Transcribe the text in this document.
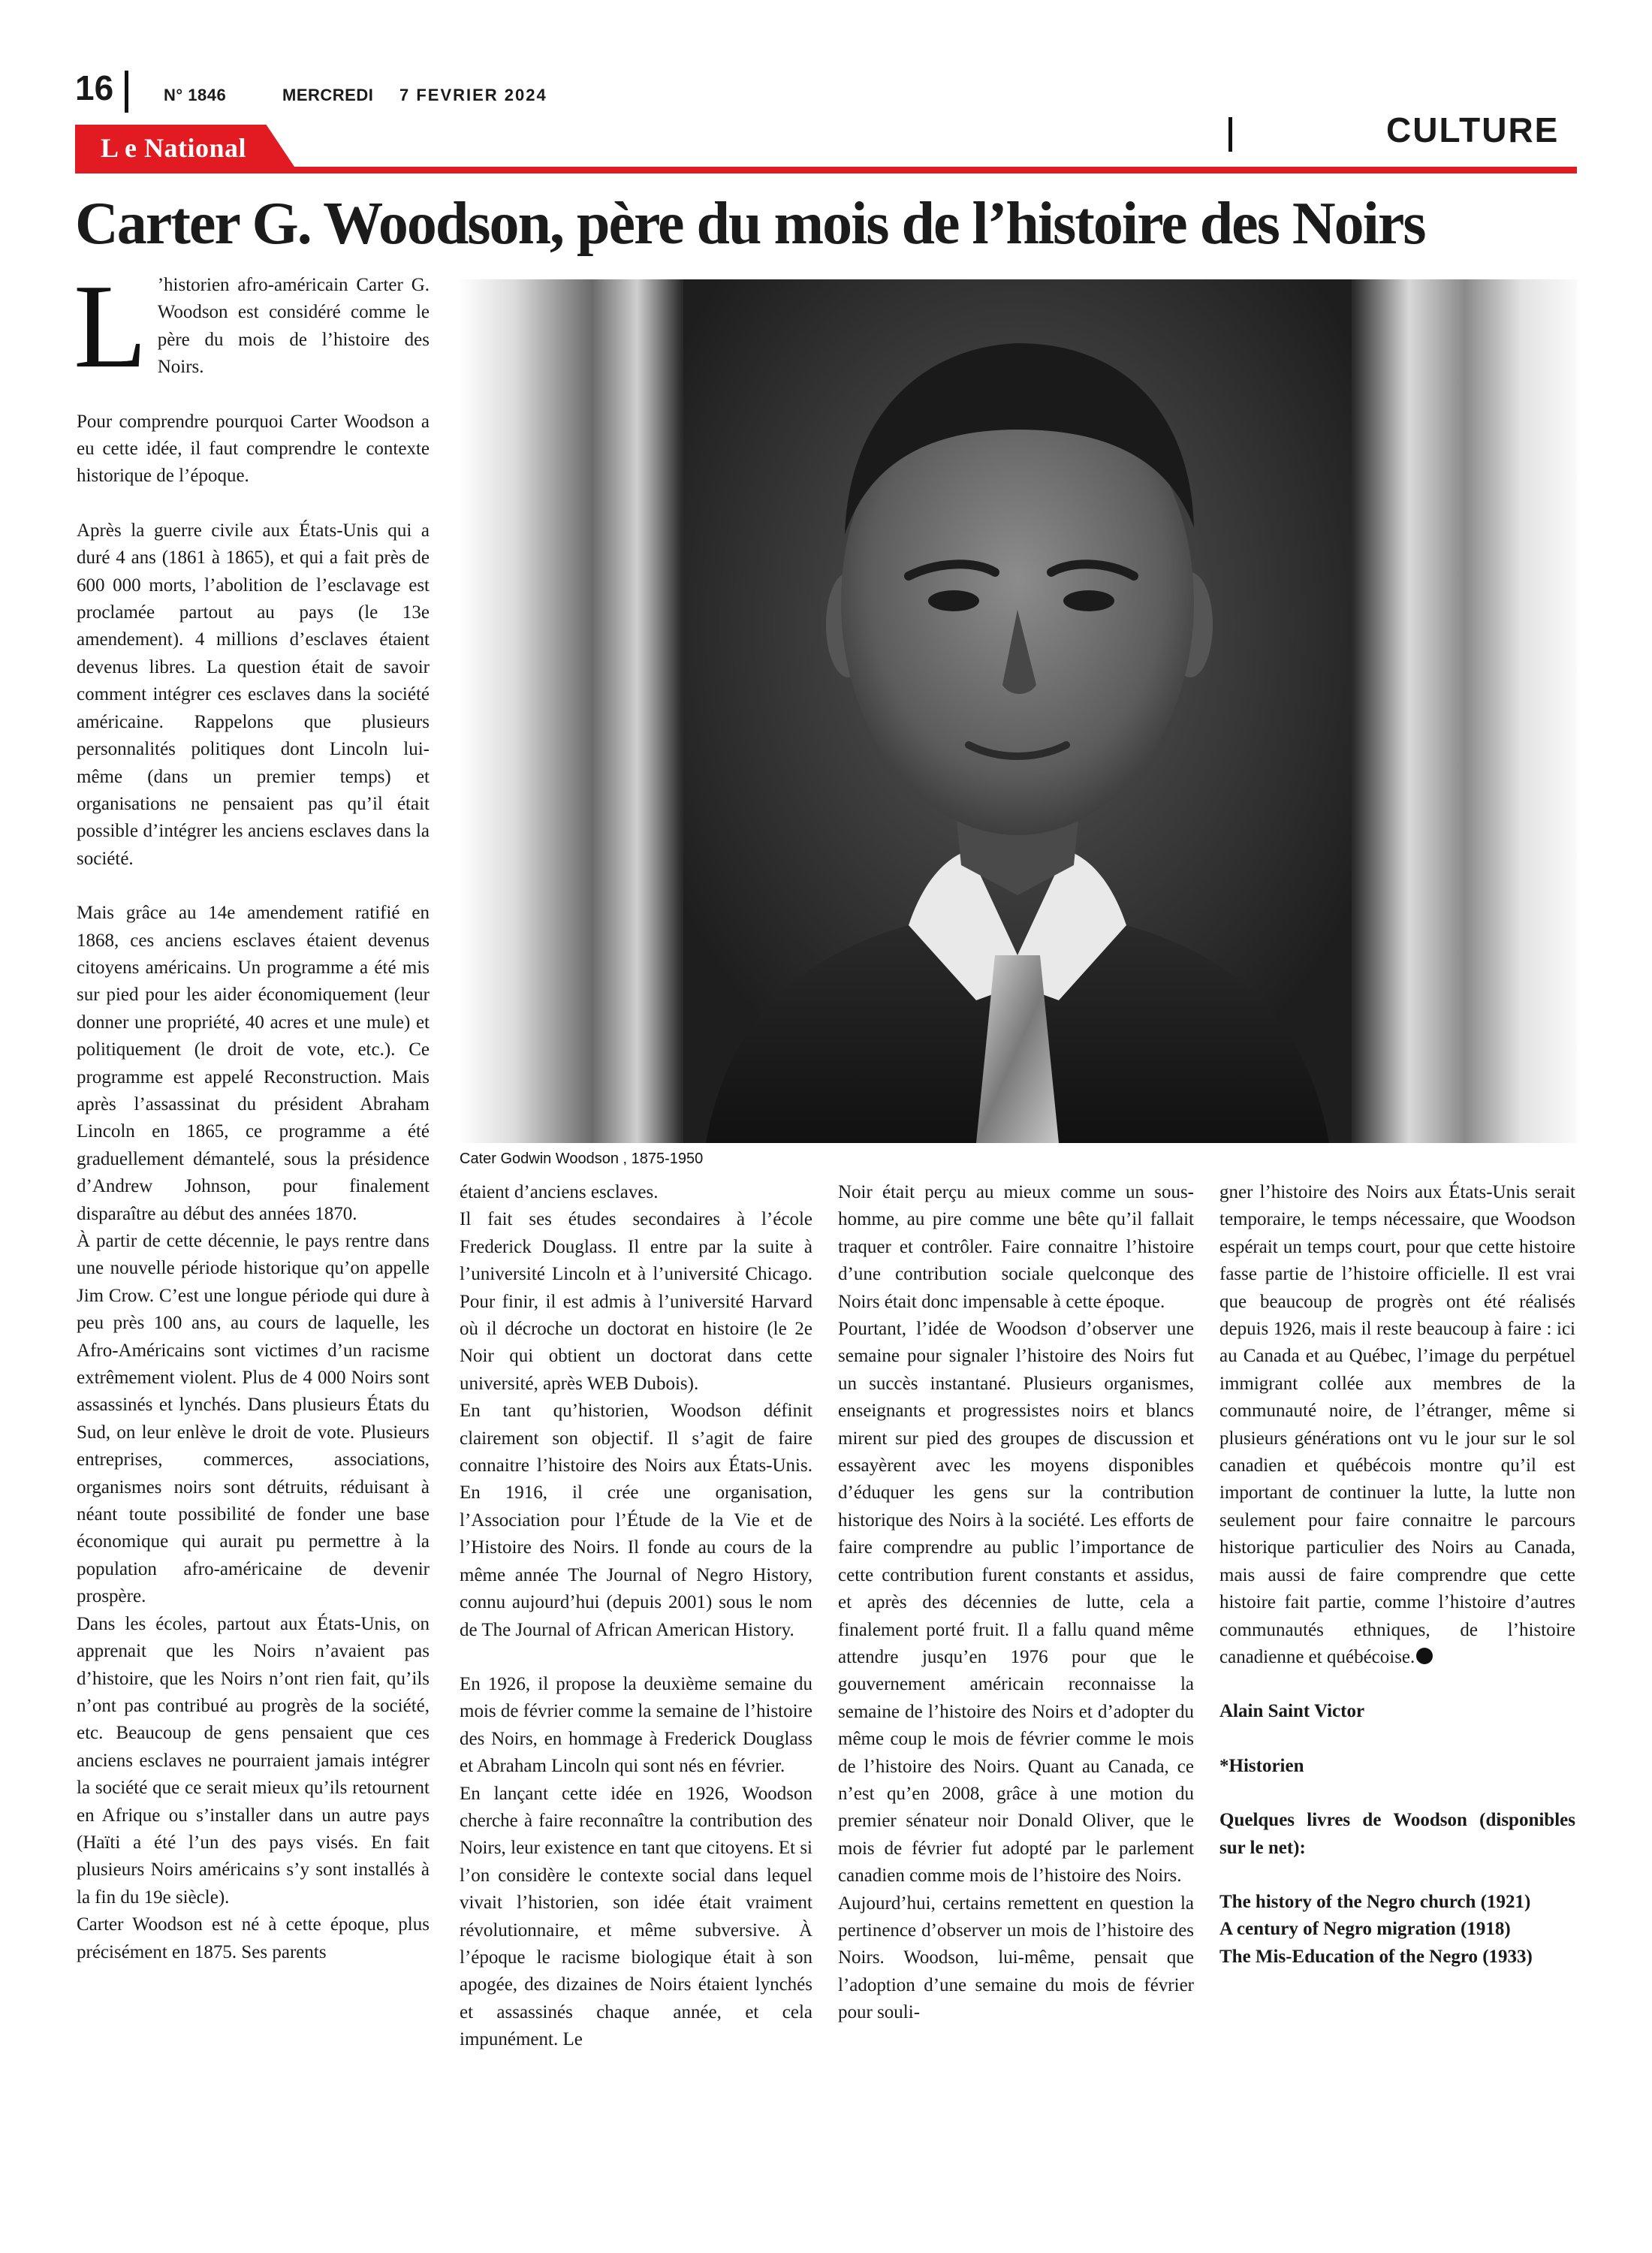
16	N° 1846	MERCREDI 7 FEVRIER 2024
CULTURE
L e National
Carter G. Woodson, père du mois de l’histoire des Noirs
Cater Godwin Woodson , 1875-1950

L ’historien afro-américain Carter G. Woodson est considéré comme le père du mois de l’histoire des Noirs.

Pour comprendre pourquoi Carter Woodson a eu cette idée, il faut comprendre le contexte historique de l’époque.

Après la guerre civile aux États-Unis qui a duré 4 ans (1861 à 1865), et qui a fait près de 600 000 morts, l’abolition de l’esclavage est proclamée partout au pays (le 13e amendement). 4 millions d’esclaves étaient devenus libres. La question était de savoir comment intégrer ces esclaves dans la société américaine. Rappelons que plusieurs personnalités politiques dont Lincoln lui-même (dans un premier temps) et organisations ne pensaient pas qu’il était possible d’intégrer les anciens esclaves dans la société.

Mais grâce au 14e amendement ratifié en 1868, ces anciens esclaves étaient devenus citoyens américains. Un programme a été mis sur pied pour les aider économiquement (leur donner une propriété, 40 acres et une mule) et politiquement (le droit de vote, etc.). Ce programme est appelé Reconstruction. Mais après l’assassinat du président Abraham Lincoln en 1865, ce programme a été graduellement démantelé, sous la présidence d’Andrew Johnson, pour finalement disparaître au début des années 1870.

À partir de cette décennie, le pays rentre dans une nouvelle période historique qu’on appelle Jim Crow. C’est une longue période qui dure à peu près 100 ans, au cours de laquelle, les Afro-Américains sont victimes d’un racisme extrêmement violent. Plus de 4 000 Noirs sont assassinés et lynchés. Dans plusieurs États du Sud, on leur enlève le droit de vote. Plusieurs entreprises, commerces, associations, organismes noirs sont détruits, réduisant à néant toute possibilité de fonder une base économique qui aurait pu permettre à la population afro-américaine de devenir prospère.

Dans les écoles, partout aux États-Unis, on apprenait que les Noirs n’avaient pas d’histoire, que les Noirs n’ont rien fait, qu’ils n’ont pas contribué au progrès de la société, etc. Beaucoup de gens pensaient que ces anciens esclaves ne pourraient jamais intégrer la société que ce serait mieux qu’ils retournent en Afrique ou s’installer dans un autre pays (Haïti a été l’un des pays visés. En fait plusieurs Noirs américains s’y sont installés à la fin du 19e siècle).

Carter Woodson est né à cette époque, plus précisément en 1875. Ses parents

étaient d’anciens esclaves.

Il fait ses études secondaires à l’école Frederick Douglass. Il entre par la suite à l’université Lincoln et à l’université Chicago. Pour finir, il est admis à l’université Harvard où il décroche un doctorat en histoire (le 2e Noir qui obtient un doctorat dans cette université, après WEB Dubois).

En tant qu’historien, Woodson définit clairement son objectif. Il s’agit de faire connaitre l’histoire des Noirs aux États-Unis. En 1916, il crée une organisation, l’Association pour l’Étude de la Vie et de l’Histoire des Noirs. Il fonde au cours de la même année The Journal of Negro History, connu aujourd’hui (depuis 2001) sous le nom de The Journal of African American History.

En 1926, il propose la deuxième semaine du mois de février comme la semaine de l’histoire des Noirs, en hommage à Frederick Douglass et Abraham Lincoln qui sont nés en février.

En lançant cette idée en 1926, Woodson cherche à faire reconnaître la contribution des Noirs, leur existence en tant que citoyens. Et si l’on considère le contexte social dans lequel vivait l’historien, son idée était vraiment révolutionnaire, et même subversive. À l’époque le racisme biologique était à son apogée, des dizaines de Noirs étaient lynchés et assassinés chaque année, et cela impunément. Le

Noir était perçu au mieux comme un sous-homme, au pire comme une bête qu’il fallait traquer et contrôler. Faire connaitre l’histoire d’une contribution sociale quelconque des Noirs était donc impensable à cette époque.

Pourtant, l’idée de Woodson d’observer une semaine pour signaler l’histoire des Noirs fut un succès instantané. Plusieurs organismes, enseignants et progressistes noirs et blancs mirent sur pied des groupes de discussion et essayèrent avec les moyens disponibles d’éduquer les gens sur la contribution historique des Noirs à la société. Les efforts de faire comprendre au public l’importance de cette contribution furent constants et assidus, et après des décennies de lutte, cela a finalement porté fruit. Il a fallu quand même attendre jusqu’en 1976 pour que le gouvernement américain reconnaisse la semaine de l’histoire des Noirs et d’adopter du même coup le mois de février comme le mois de l’histoire des Noirs. Quant au Canada, ce n’est qu’en 2008, grâce à une motion du premier sénateur noir Donald Oliver, que le mois de février fut adopté par le parlement canadien comme mois de l’histoire des Noirs.

Aujourd’hui, certains remettent en question la pertinence d’observer un mois de l’histoire des Noirs. Woodson, lui-même, pensait que l’adoption d’une semaine du mois de février pour souli-

gner l’histoire des Noirs aux États-Unis serait temporaire, le temps nécessaire, que Woodson espérait un temps court, pour que cette histoire fasse partie de l’histoire officielle. Il est vrai que beaucoup de progrès ont été réalisés depuis 1926, mais il reste beaucoup à faire : ici au Canada et au Québec, l’image du perpétuel immigrant collée aux membres de la communauté noire, de l’étranger, même si plusieurs générations ont vu le jour sur le sol canadien et québécois montre qu’il est important de continuer la lutte, la lutte non seulement pour faire connaitre le parcours historique particulier des Noirs au Canada, mais aussi de faire comprendre que cette histoire fait partie, comme l’histoire d’autres communautés ethniques, de l’histoire canadienne et québécoise.

Alain Saint Victor

*Historien

Quelques livres de Woodson (disponibles sur le net):

The history of the Negro church (1921)

A century of Negro migration (1918)

The Mis-Education of the Negro (1933)
